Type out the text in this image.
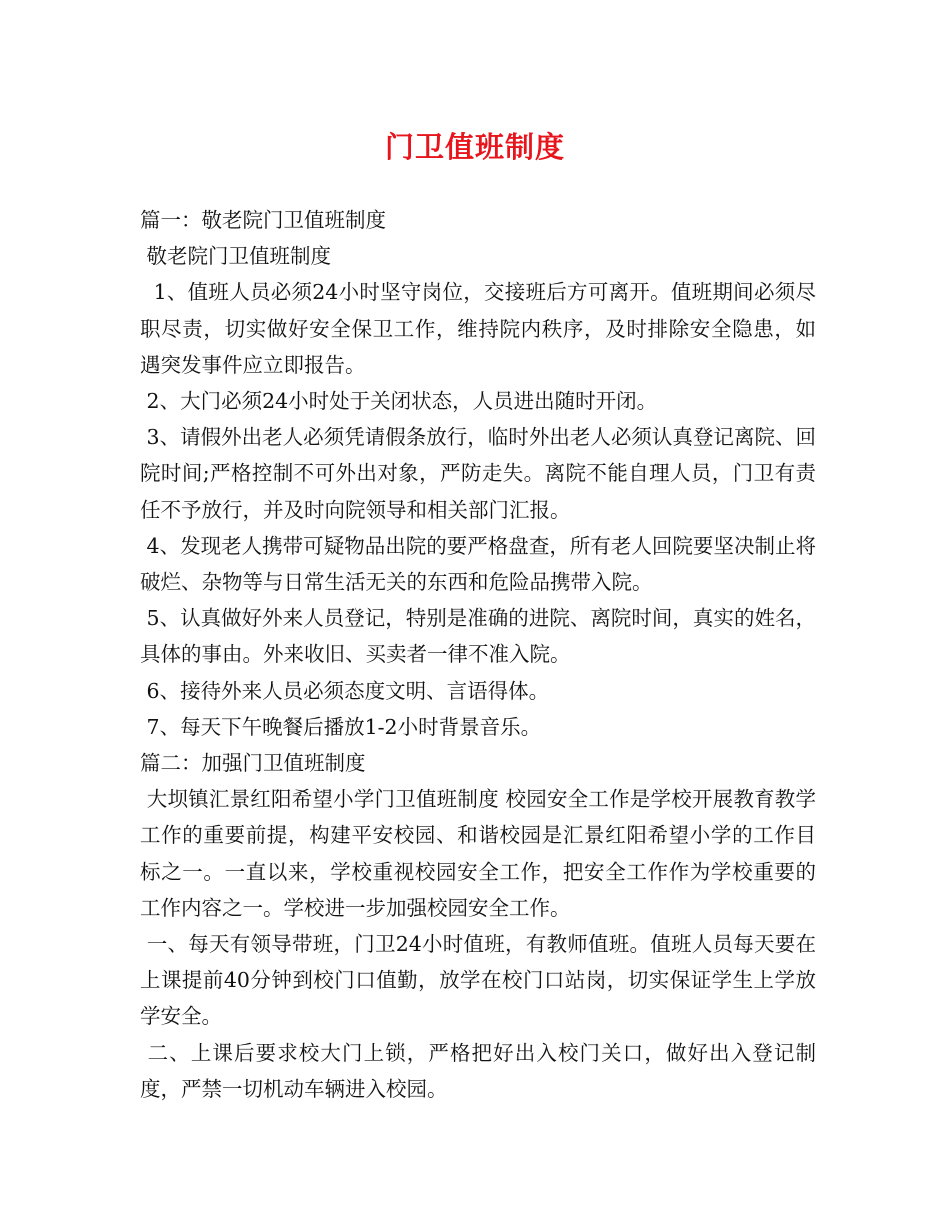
门卫值班制度

篇一：敬老院门卫值班制度

敬老院门卫值班制度

1、值班人员必须24小时坚守岗位，交接班后方可离开。值班期间必须尽职尽责，切实做好安全保卫工作，维持院内秩序，及时排除安全隐患，如遇突发事件应立即报告。

2、大门必须24小时处于关闭状态，人员进出随时开闭。

3、请假外出老人必须凭请假条放行，临时外出老人必须认真登记离院、回院时间;严格控制不可外出对象，严防走失。离院不能自理人员，门卫有责任不予放行，并及时向院领导和相关部门汇报。

4、发现老人携带可疑物品出院的要严格盘查，所有老人回院要坚决制止将破烂、杂物等与日常生活无关的东西和危险品携带入院。

5、认真做好外来人员登记，特别是准确的进院、离院时间，真实的姓名，具体的事由。外来收旧、买卖者一律不准入院。

6、接待外来人员必须态度文明、言语得体。

7、每天下午晚餐后播放1-2小时背景音乐。

篇二：加强门卫值班制度

大坝镇汇景红阳希望小学门卫值班制度 校园安全工作是学校开展教育教学工作的重要前提，构建平安校园、和谐校园是汇景红阳希望小学的工作目标之一。一直以来，学校重视校园安全工作，把安全工作作为学校重要的工作内容之一。学校进一步加强校园安全工作。

一、每天有领导带班，门卫24小时值班，有教师值班。值班人员每天要在上课提前40分钟到校门口值勤，放学在校门口站岗，切实保证学生上学放学安全。

二、上课后要求校大门上锁，严格把好出入校门关口，做好出入登记制度，严禁一切机动车辆进入校园。
